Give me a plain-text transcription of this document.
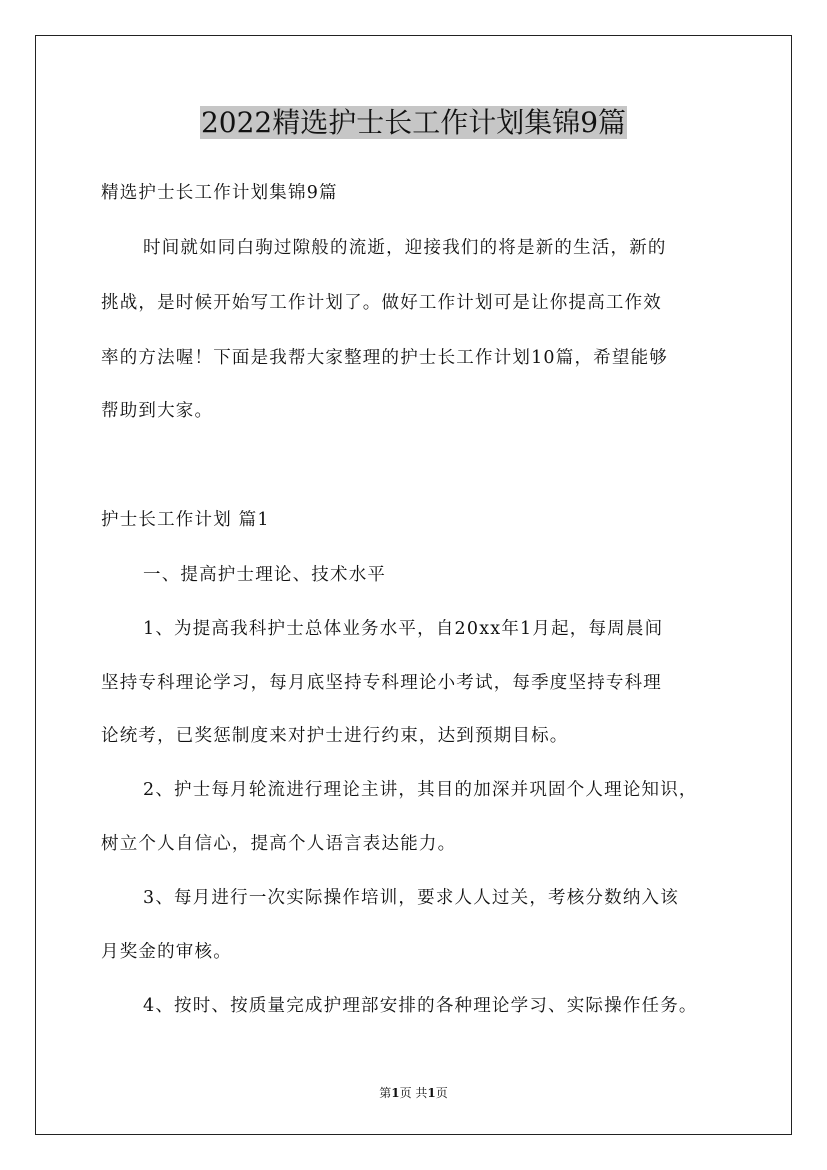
2022精选护士长工作计划集锦9篇

精选护士长工作计划集锦9篇

时间就如同白驹过隙般的流逝，迎接我们的将是新的生活，新的

挑战，是时候开始写工作计划了。做好工作计划可是让你提高工作效

率的方法喔！下面是我帮大家整理的护士长工作计划10篇，希望能够

帮助到大家。

护士长工作计划 篇1

一、提高护士理论、技术水平

1、为提高我科护士总体业务水平，自20xx年1月起，每周晨间

坚持专科理论学习，每月底坚持专科理论小考试，每季度坚持专科理

论统考，已奖惩制度来对护士进行约束，达到预期目标。

2、护士每月轮流进行理论主讲，其目的加深并巩固个人理论知识，

树立个人自信心，提高个人语言表达能力。

3、每月进行一次实际操作培训，要求人人过关，考核分数纳入该

月奖金的审核。

4、按时、按质量完成护理部安排的各种理论学习、实际操作任务。

第1页 共1页
